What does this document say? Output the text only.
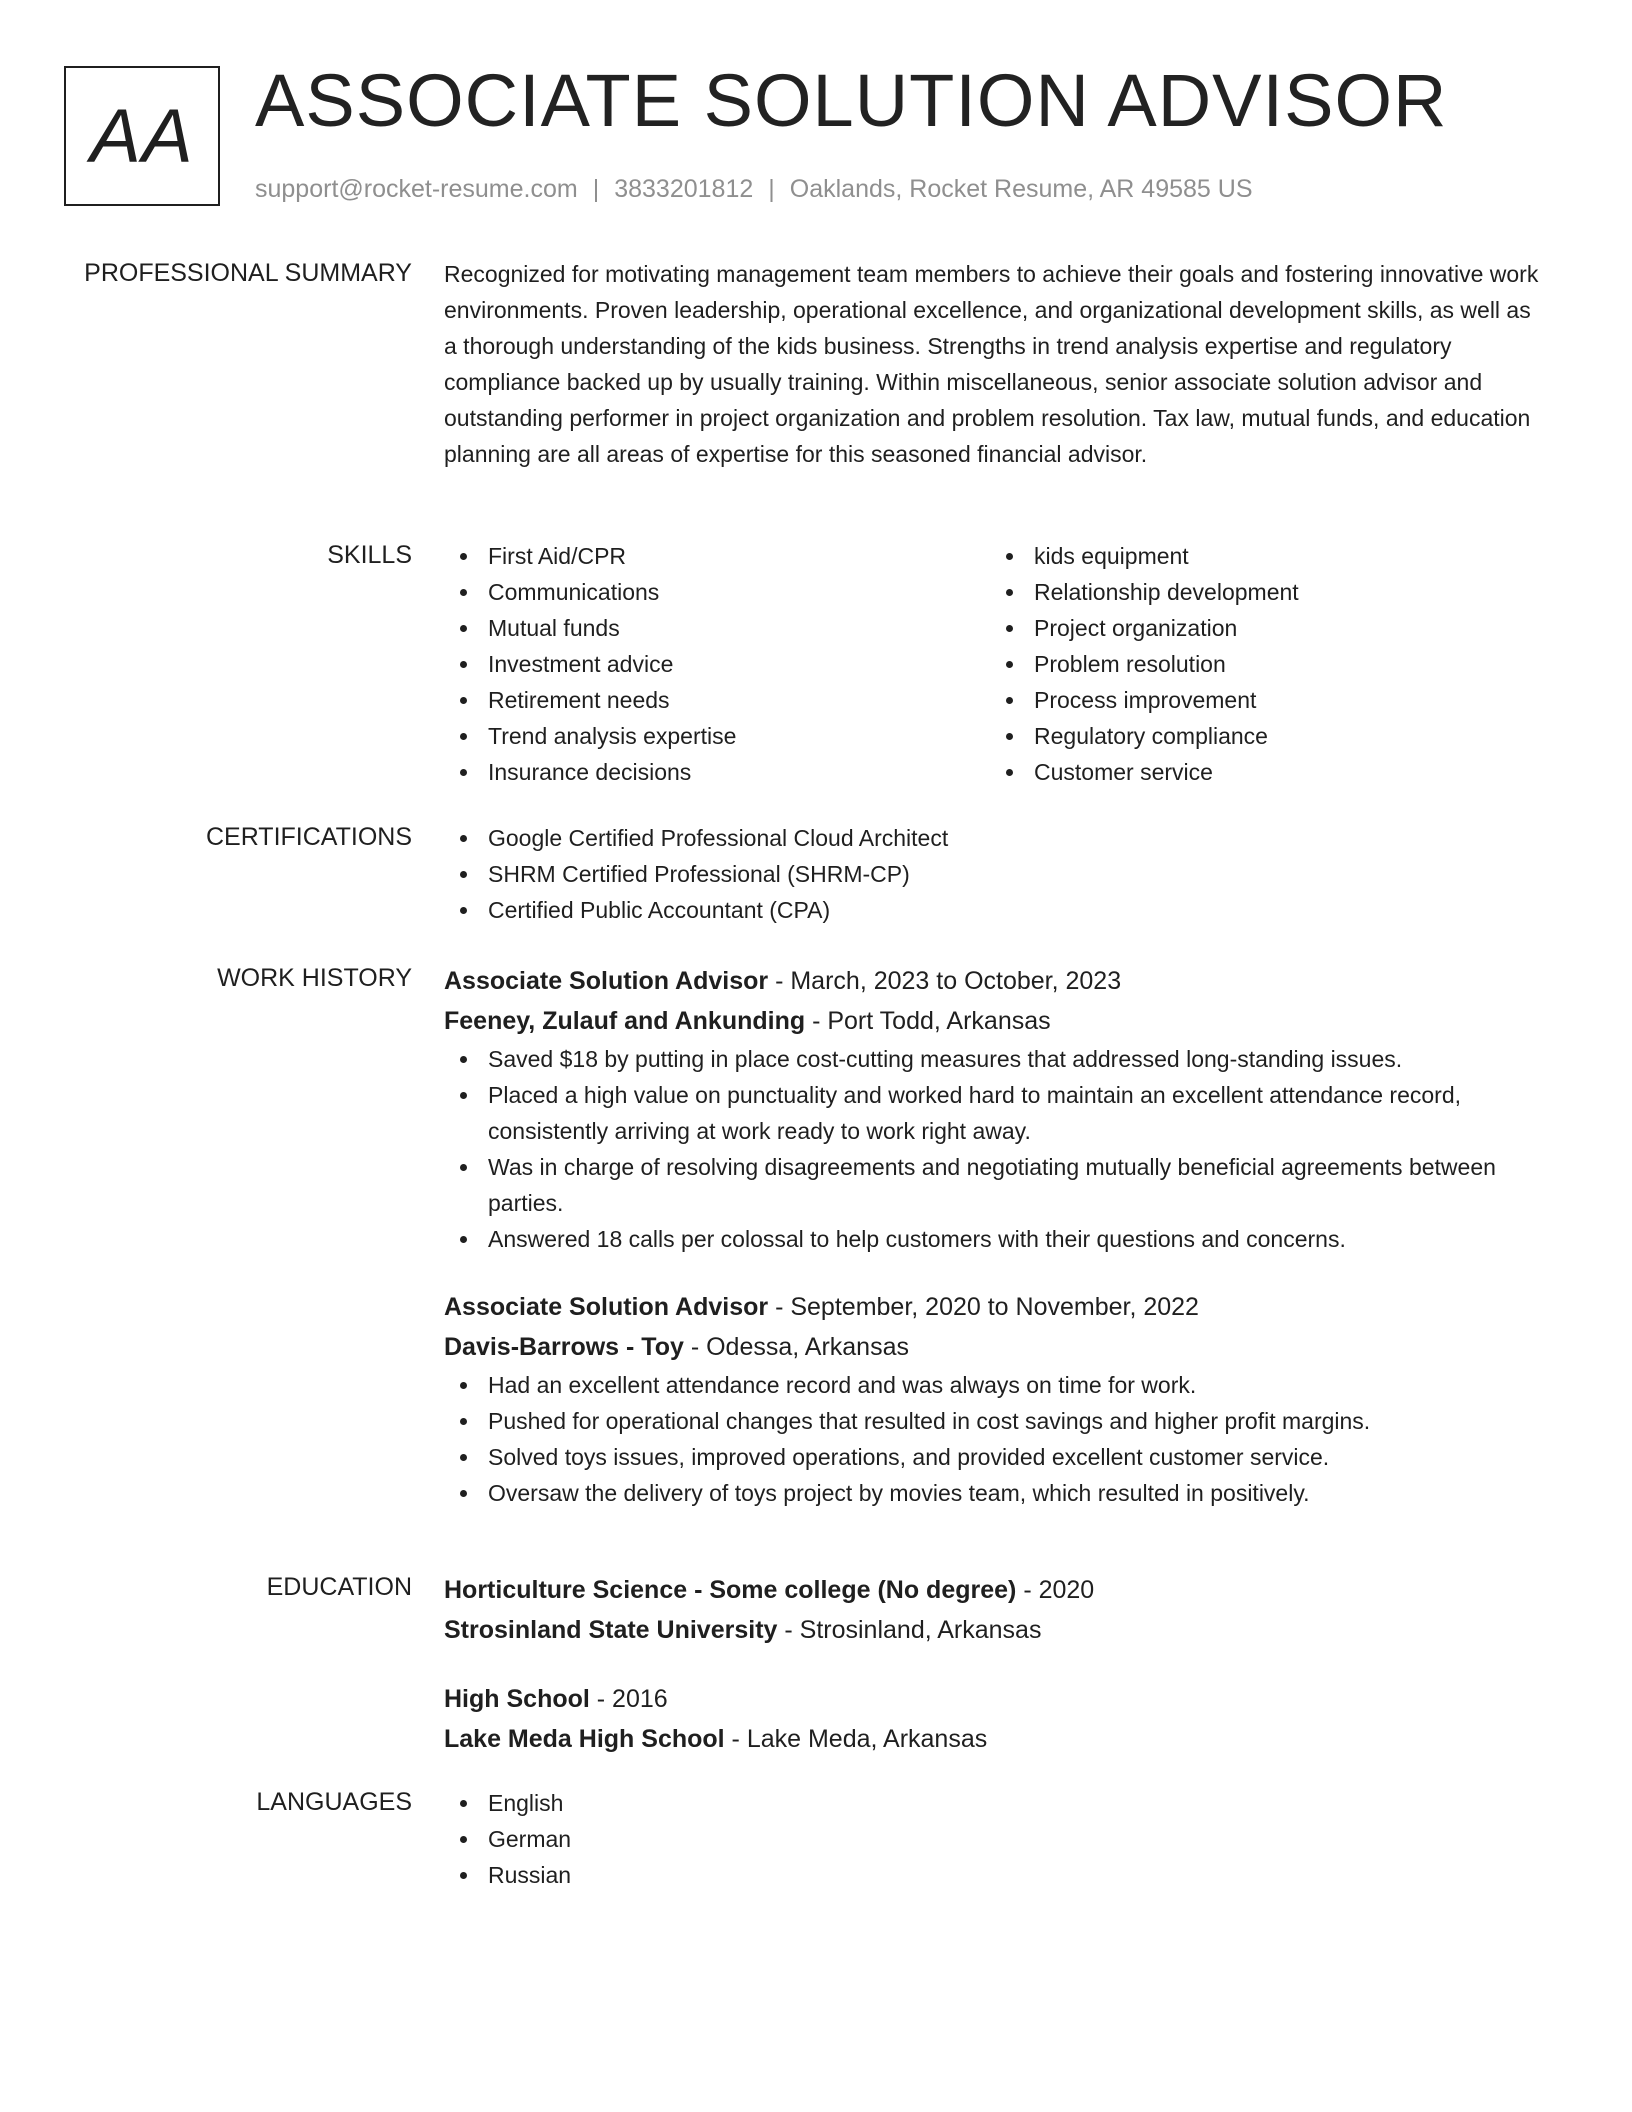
AA ASSOCIATE SOLUTION ADVISOR
support@rocket-resume.com | 3833201812 | Oaklands, Rocket Resume, AR 49585 US
PROFESSIONAL SUMMARY Recognized for motivating management team members to achieve their goals and fostering innovative work environments. Proven leadership, operational excellence, and organizational development skills, as well as a thorough understanding of the kids business. Strengths in trend analysis expertise and regulatory compliance backed up by usually training. Within miscellaneous, senior associate solution advisor and outstanding performer in project organization and problem resolution. Tax law, mutual funds, and education planning are all areas of expertise for this seasoned financial advisor.

SKILLS	First Aid/CPR
Communications
Mutual funds
Investment advice
Retirement needs
Trend analysis expertise
Insurance decisions
kids equipment
Relationship development
Project organization
Problem resolution
Process improvement
Regulatory compliance
Customer service
CERTIFICATIONS	Google Certified Professional Cloud Architect
SHRM Certified Professional (SHRM-CP)
Certified Public Accountant (CPA)
WORK HISTORY Associate Solution Advisor - March, 2023 to October, 2023
Feeney, Zulauf and Ankunding - Port Todd, Arkansas
Saved $18 by putting in place cost-cutting measures that addressed long-standing issues.
Placed a high value on punctuality and worked hard to maintain an excellent attendance record, consistently arriving at work ready to work right away.
Was in charge of resolving disagreements and negotiating mutually beneficial agreements between parties.
Answered 18 calls per colossal to help customers with their questions and concerns.
Associate Solution Advisor - September, 2020 to November, 2022
Davis-Barrows - Toy - Odessa, Arkansas
Had an excellent attendance record and was always on time for work.
Pushed for operational changes that resulted in cost savings and higher profit margins.
Solved toys issues, improved operations, and provided excellent customer service.
Oversaw the delivery of toys project by movies team, which resulted in positively.
EDUCATION Horticulture Science - Some college (No degree) - 2020
Strosinland State University - Strosinland, Arkansas
High School - 2016
Lake Meda High School - Lake Meda, Arkansas
LANGUAGES	English
German
Russian
